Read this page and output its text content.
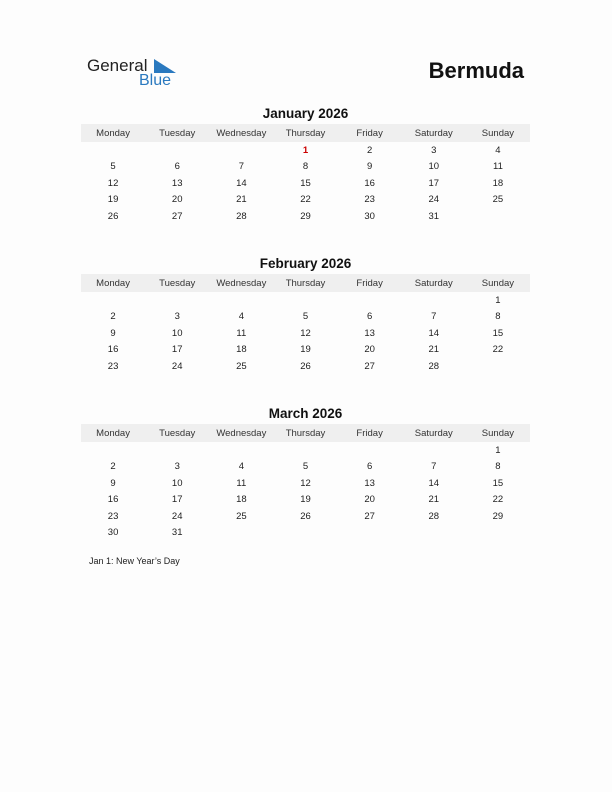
General
Blue	Bermuda
January 2026
Monday	Tuesday	Wednesday	Thursday	Friday	Saturday	Sunday
			1	2	3	4
5	6	7	8	9	10	11
12	13	14	15	16	17	18
19	20	21	22	23	24	25
26	27	28	29	30	31	
February 2026
Monday	Tuesday	Wednesday	Thursday	Friday	Saturday	Sunday
						1
2	3	4	5	6	7	8
9	10	11	12	13	14	15
16	17	18	19	20	21	22
23	24	25	26	27	28	
March 2026
Monday	Tuesday	Wednesday	Thursday	Friday	Saturday	Sunday
						1
2	3	4	5	6	7	8
9	10	11	12	13	14	15
16	17	18	19	20	21	22
23	24	25	26	27	28	29
30	31					
Jan 1: New Year’s Day
